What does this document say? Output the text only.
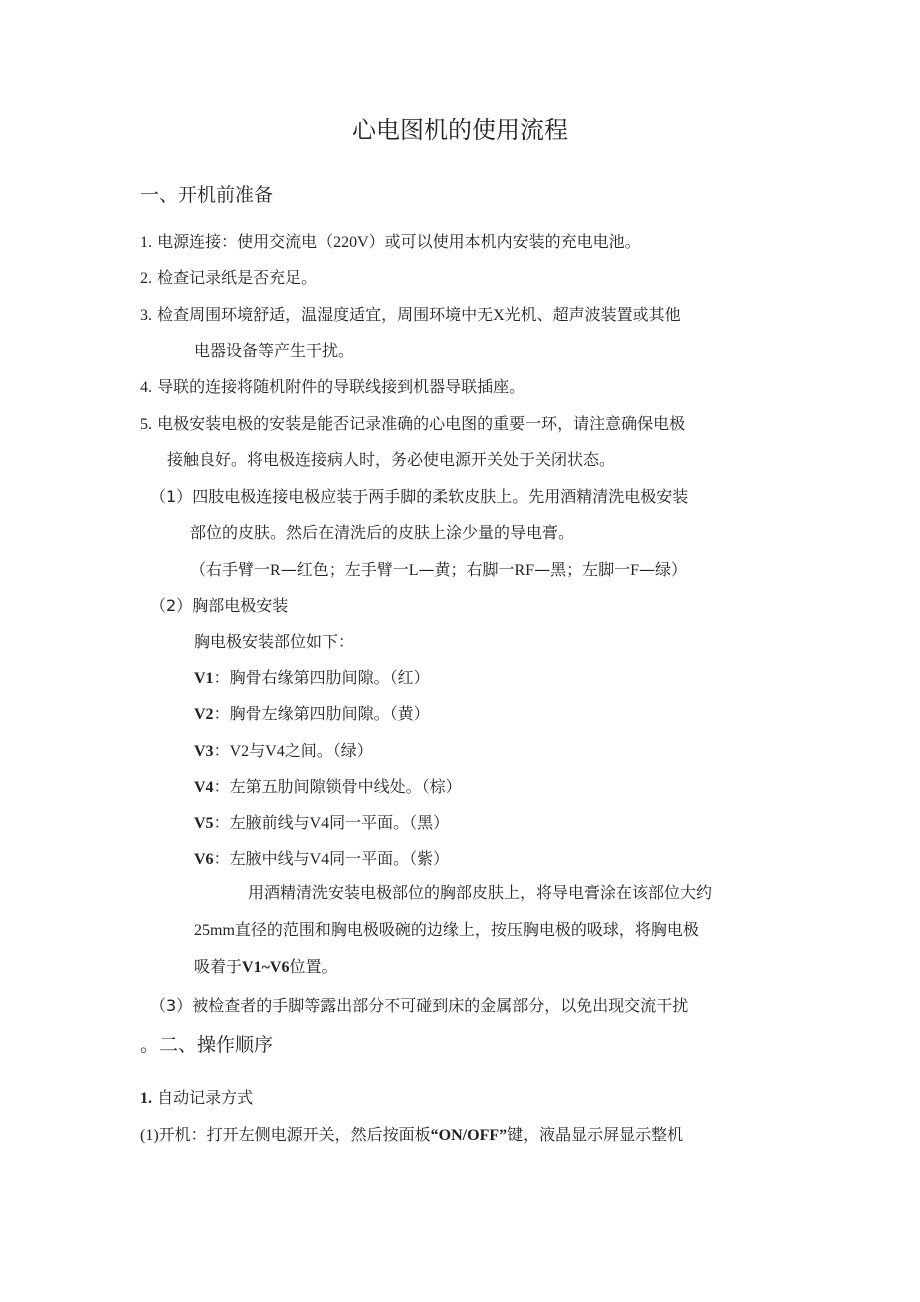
心电图机的使用流程
一、开机前准备
1. 电源连接：使用交流电（220V）或可以使用本机内安装的充电电池。
2. 检查记录纸是否充足。
3. 检查周围环境舒适，温湿度适宜，周围环境中无X光机、超声波装置或其他
电器设备等产生干扰。
4. 导联的连接将随机附件的导联线接到机器导联插座。
5. 电极安装电极的安装是能否记录准确的心电图的重要一环，请注意确保电极
接触良好。将电极连接病人时，务必使电源开关处于关闭状态。
（1）四肢电极连接电极应装于两手脚的柔软皮肤上。先用酒精清洗电极安装
部位的皮肤。然后在清洗后的皮肤上涂少量的导电膏。
（右手臂一R—红色；左手臂一L—黄；右脚一RF—黑；左脚一F—绿）
（2）胸部电极安装
胸电极安装部位如下：
V1：胸骨右缘第四肋间隙。（红）
V2：胸骨左缘第四肋间隙。（黄）
V3：V2与V4之间。（绿）
V4：左第五肋间隙锁骨中线处。（棕）
V5：左腋前线与V4同一平面。（黑）
V6：左腋中线与V4同一平面。（紫）
用酒精清洗安装电极部位的胸部皮肤上，将导电膏涂在该部位大约
25mm直径的范围和胸电极吸碗的边缘上，按压胸电极的吸球，将胸电极
吸着于V1~V6位置。
（3）被检查者的手脚等露出部分不可碰到床的金属部分，以免出现交流干扰
。二、操作顺序
1. 自动记录方式
(1)开机：打开左侧电源开关，然后按面板“ON/OFF”键，液晶显示屏显示整机
